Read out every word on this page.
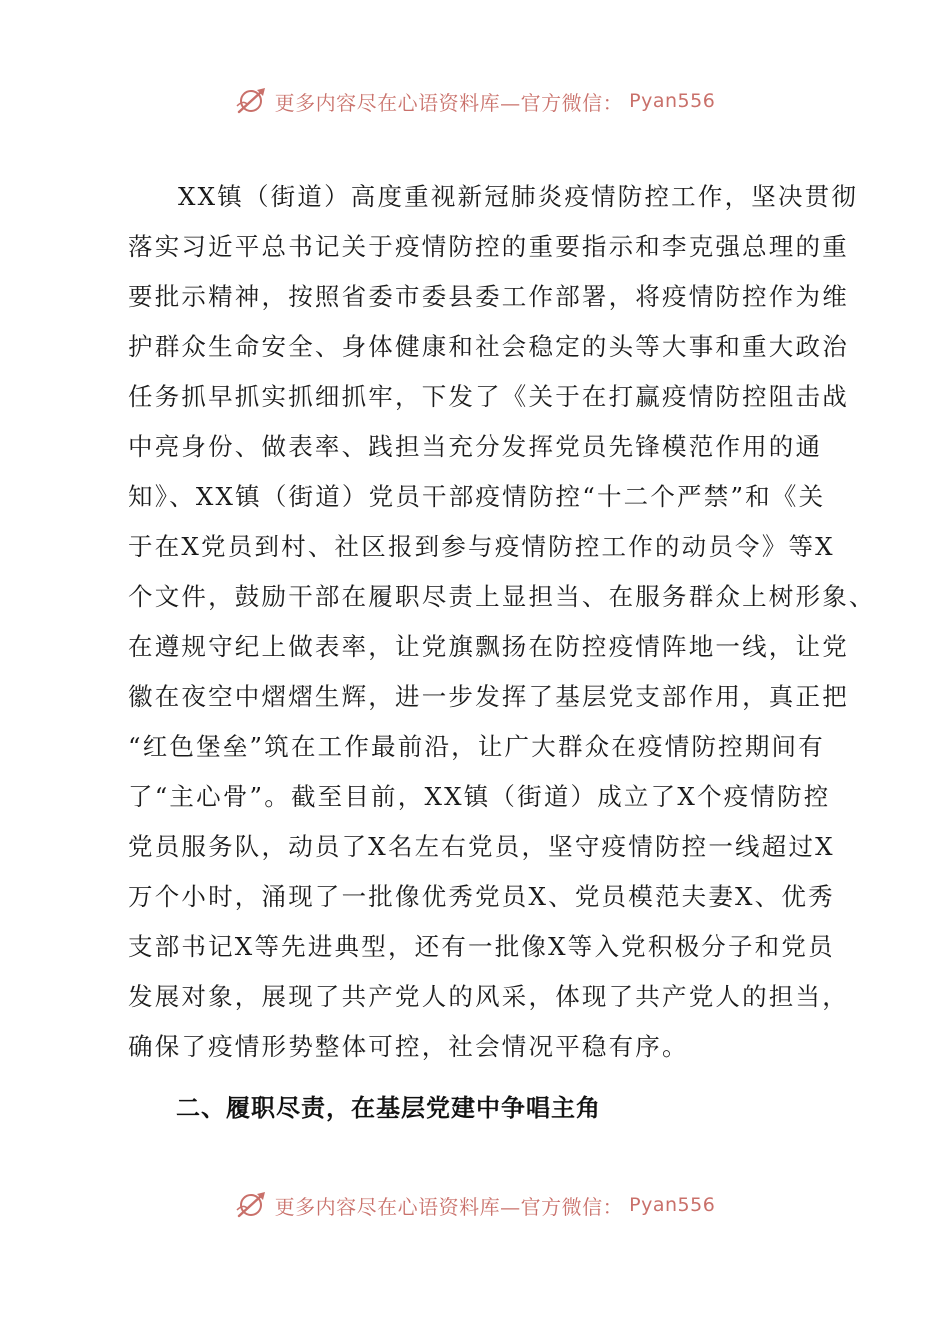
更多内容尽在心语资料库—官方微信： Pyan556
XX镇（街道）高度重视新冠肺炎疫情防控工作，坚决贯彻
落实习近平总书记关于疫情防控的重要指示和李克强总理的重
要批示精神，按照省委市委县委工作部署，将疫情防控作为维
护群众生命安全、身体健康和社会稳定的头等大事和重大政治
任务抓早抓实抓细抓牢，下发了《关于在打赢疫情防控阻击战
中亮身份、做表率、践担当充分发挥党员先锋模范作用的通
知》、XX镇（街道）党员干部疫情防控“十二个严禁”和《关
于在X党员到村、社区报到参与疫情防控工作的动员令》等X
个文件，鼓励干部在履职尽责上显担当、在服务群众上树形象、
在遵规守纪上做表率，让党旗飘扬在防控疫情阵地一线，让党
徽在夜空中熠熠生辉，进一步发挥了基层党支部作用，真正把
“红色堡垒”筑在工作最前沿，让广大群众在疫情防控期间有
了“主心骨”。截至目前，XX镇（街道）成立了X个疫情防控
党员服务队，动员了X名左右党员，坚守疫情防控一线超过X
万个小时，涌现了一批像优秀党员X、党员模范夫妻X、优秀
支部书记X等先进典型，还有一批像X等入党积极分子和党员
发展对象，展现了共产党人的风采，体现了共产党人的担当，
确保了疫情形势整体可控，社会情况平稳有序。
二、履职尽责，在基层党建中争唱主角
更多内容尽在心语资料库—官方微信： Pyan556
